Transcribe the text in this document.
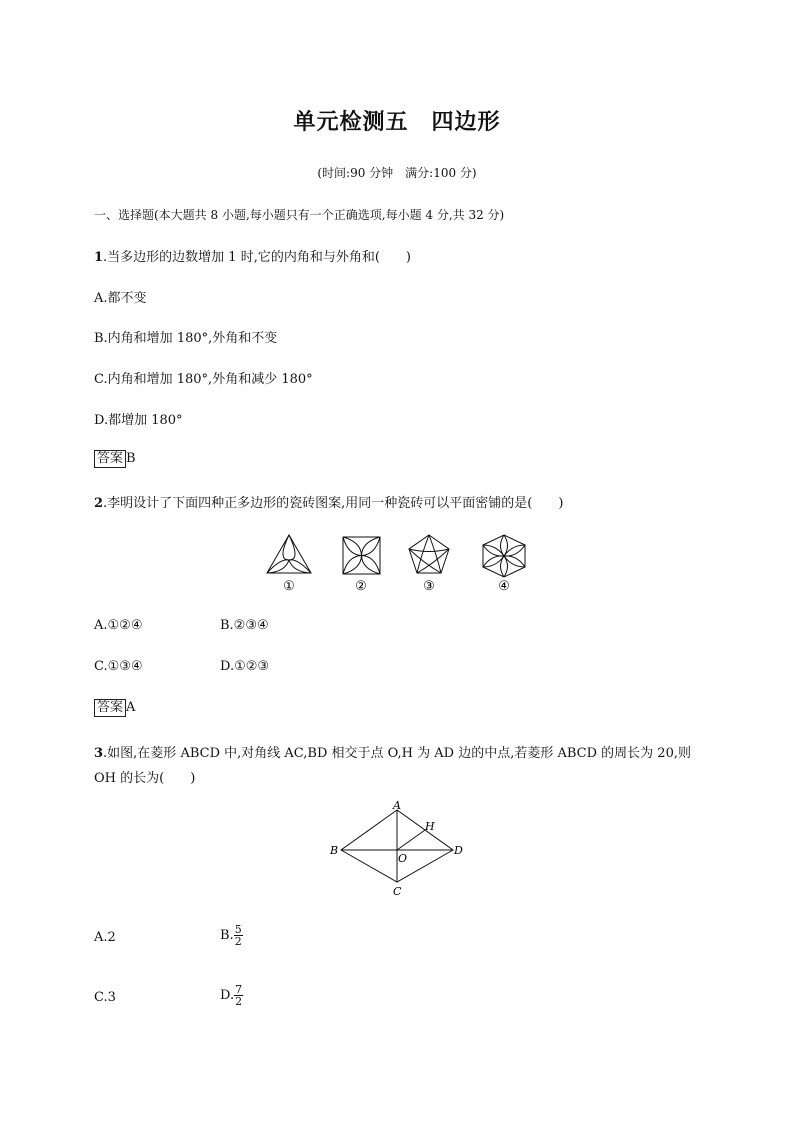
单元检测五　四边形
(时间:90 分钟　满分:100 分)
一、选择题(本大题共 8 小题,每小题只有一个正确选项,每小题 4 分,共 32 分)
1.当多边形的边数增加 1 时,它的内角和与外角和(　　)
A.都不变
B.内角和增加 180°,外角和不变
C.内角和增加 180°,外角和减少 180°
D.都增加 180°
答案 B
2.李明设计了下面四种正多边形的瓷砖图案,用同一种瓷砖可以平面密铺的是(　　)
①	②	③	④
A.①②④	B.②③④
C.①③④	D.①②③
答案 A
3.如图,在菱形 ABCD 中,对角线 AC,BD 相交于点 O,H 为 AD 边的中点,若菱形 ABCD 的周长为 20,则
OH 的长为(　　)
A
B
C
D
O
H
A.2	B. $\frac{5}{2}$
C.3	D. $\frac{7}{2}$
